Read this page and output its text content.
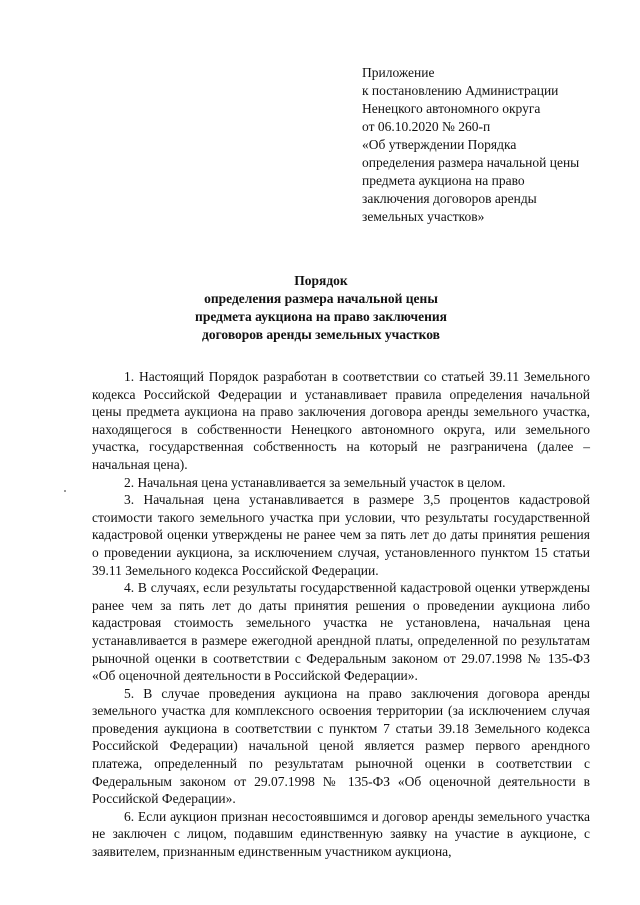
Приложение
к постановлению Администрации
Ненецкого автономного округа
от 06.10.2020 № 260-п
«Об утверждении Порядка
определения размера начальной цены
предмета аукциона на право
заключения договоров аренды
земельных участков»
Порядок
определения размера начальной цены
предмета аукциона на право заключения
договоров аренды земельных участков

1. Настоящий Порядок разработан в соответствии со статьей 39.11 Земельного кодекса Российской Федерации и устанавливает правила определения начальной цены предмета аукциона на право заключения договора аренды земельного участка, находящегося в собственности Ненецкого автономного округа, или земельного участка, государственная собственность на который не разграничена (далее – начальная цена).

2. Начальная цена устанавливается за земельный участок в целом.

3. Начальная цена устанавливается в размере 3,5 процентов кадастровой стоимости такого земельного участка при условии, что результаты государственной кадастровой оценки утверждены не ранее чем за пять лет до даты принятия решения о проведении аукциона, за исключением случая, установленного пунктом 15 статьи 39.11 Земельного кодекса Российской Федерации.

4. В случаях, если результаты государственной кадастровой оценки утверждены ранее чем за пять лет до даты принятия решения о проведении аукциона либо кадастровая стоимость земельного участка не установлена, начальная цена устанавливается в размере ежегодной арендной платы, определенной по результатам рыночной оценки в соответствии с Федеральным законом от 29.07.1998 № 135-ФЗ «Об оценочной деятельности в Российской Федерации».

5. В случае проведения аукциона на право заключения договора аренды земельного участка для комплексного освоения территории (за исключением случая проведения аукциона в соответствии с пунктом 7 статьи 39.18 Земельного кодекса Российской Федерации) начальной ценой является размер первого арендного платежа, определенный по результатам рыночной оценки в соответствии с Федеральным законом от 29.07.1998 № 135-ФЗ «Об оценочной деятельности в Российской Федерации».

6. Если аукцион признан несостоявшимся и договор аренды земельного участка не заключен с лицом, подавшим единственную заявку на участие в аукционе, с заявителем, признанным единственным участником аукциона,
